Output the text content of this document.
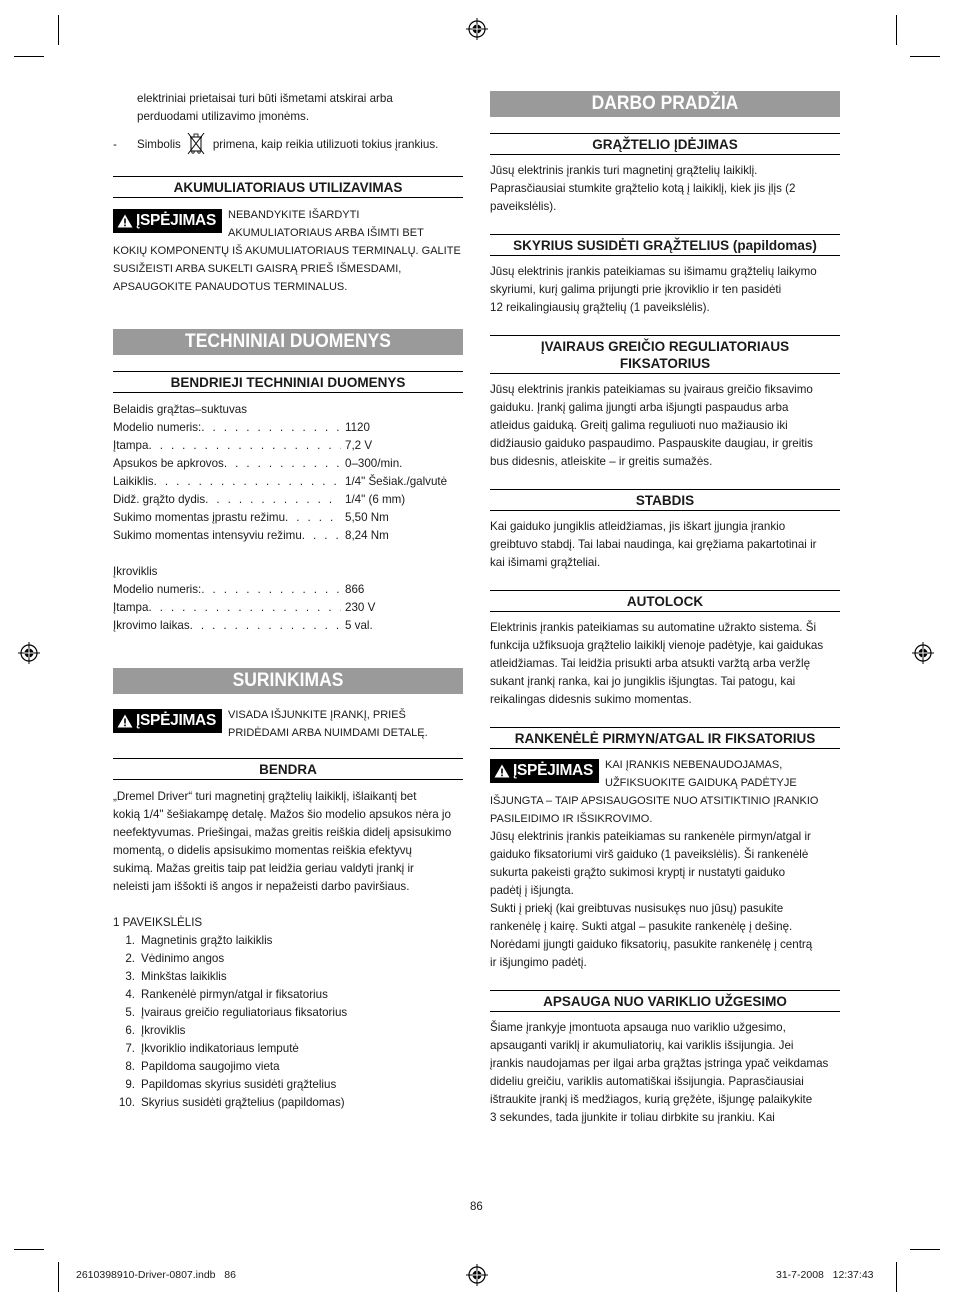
elektriniai prietaisai turi būti išmetami atskirai arba

perduodami utilizavimo įmonėms.

-	Simbolis	primena, kaip reikia utilizuoti tokius įrankius.
AKUMULIATORIAUS UTILIZAVIMAS
ĮSPĖJIMAS	NEBANDYKITE IŠARDYTI
AKUMULIATORIAUS ARBA IŠIMTI BET
KOKIŲ KOMPONENTŲ IŠ AKUMULIATORIAUS TERMINALŲ. GALITE
SUSIŽEISTI ARBA SUKELTI GAISRĄ PRIEŠ IŠMESDAMI,
APSAUGOKITE PANAUDOTUS TERMINALUS.
TECHNINIAI DUOMENYS
BENDRIEJI TECHNINIAI DUOMENYS

Belaidis grąžtas–suktuvas

Modelio numeris: . . .	1120
Įtampa . . .	7,2 V
Apsukos be apkrovos . . .	0–300/min.
Laikiklis . . .	1/4" Šešiak./galvutė
Didž. grąžto dydis . . .	1/4" (6 mm)
Sukimo momentas įprastu režimu . . .	5,50 Nm
Sukimo momentas intensyviu režimu . . .	8,24 Nm

Įkroviklis

Modelio numeris: . . .	866
Įtampa . . .	230 V
Įkrovimo laikas . . .	5 val.
SURINKIMAS
ĮSPĖJIMAS	VISADA IŠJUNKITE ĮRANKĮ, PRIEŠ
PRIDĖDAMI ARBA NUIMDAMI DETALĘ.
BENDRA

„Dremel Driver“ turi magnetinį grąžtelių laikiklį, išlaikantį bet

kokią 1/4" šešiakampę detalę. Mažos šio modelio apsukos nėra jo

neefektyvumas. Priešingai, mažas greitis reiškia didelį apsisukimo

momentą, o didelis apsisukimo momentas reiškia efektyvų

sukimą. Mažas greitis taip pat leidžia geriau valdyti įrankį ir

neleisti jam iššokti iš angos ir nepažeisti darbo paviršiaus.

1 PAVEIKSLĖLIS

1. Magnetinis grąžto laikiklis
2. Vėdinimo angos
3. Minkštas laikiklis
4. Rankenėlė pirmyn/atgal ir fiksatorius
5. Įvairaus greičio reguliatoriaus fiksatorius
6. Įkroviklis
7. Įkvoriklio indikatoriaus lemputė
8. Papildoma saugojimo vieta
9. Papildomas skyrius susidėti grąžtelius
10. Skyrius susidėti grąžtelius (papildomas)
DARBO PRADŽIA
GRĄŽTELIO ĮDĖJIMAS

Jūsų elektrinis įrankis turi magnetinį grąžtelių laikiklį.

Paprasčiausiai stumkite grąžtelio kotą į laikiklį, kiek jis įlįs (2

paveikslėlis).

SKYRIUS SUSIDĖTI GRĄŽTELIUS (papildomas)

Jūsų elektrinis įrankis pateikiamas su išimamu grąžtelių laikymo

skyriumi, kurį galima prijungti prie įkroviklio ir ten pasidėti

12 reikalingiausių grąžtelių (1 paveikslėlis).

ĮVAIRAUS GREIČIO REGULIATORIAUS
FIKSATORIUS

Jūsų elektrinis įrankis pateikiamas su įvairaus greičio fiksavimo

gaiduku. Įrankį galima įjungti arba išjungti paspaudus arba

atleidus gaiduką. Greitį galima reguliuoti nuo mažiausio iki

didžiausio gaiduko paspaudimo. Paspauskite daugiau, ir greitis

bus didesnis, atleiskite – ir greitis sumažės.

STABDIS

Kai gaiduko jungiklis atleidžiamas, jis iškart įjungia įrankio

greibtuvo stabdį. Tai labai naudinga, kai gręžiama pakartotinai ir

kai išimami grąžteliai.

AUTOLOCK

Elektrinis įrankis pateikiamas su automatine užrakto sistema. Ši

funkcija užfiksuoja grąžtelio laikiklį vienoje padėtyje, kai gaidukas

atleidžiamas. Tai leidžia prisukti arba atsukti varžtą arba veržlę

sukant įrankį ranka, kai jo jungiklis išjungtas. Tai patogu, kai

reikalingas didesnis sukimo momentas.

RANKENĖLĖ PIRMYN/ATGAL IR FIKSATORIUS
ĮSPĖJIMAS	KAI ĮRANKIS NEBENAUDOJAMAS,
UŽFIKSUOKITE GAIDUKĄ PADĖTYJE
IŠJUNGTA – TAIP APSISAUGOSITE NUO ATSITIKTINIO ĮRANKIO
PASILEIDIMO IR IŠSIKROVIMO.

Jūsų elektrinis įrankis pateikiamas su rankenėle pirmyn/atgal ir

gaiduko fiksatoriumi virš gaiduko (1 paveikslėlis). Ši rankenėlė

sukurta pakeisti grąžto sukimosi kryptį ir nustatyti gaiduko

padėtį į išjungta.

Sukti į priekį (kai greibtuvas nusisukęs nuo jūsų) pasukite

rankenėlę į kairę. Sukti atgal – pasukite rankenėlę į dešinę.

Norėdami įjungti gaiduko fiksatorių, pasukite rankenėlę į centrą

ir išjungimo padėtį.

APSAUGA NUO VARIKLIO UŽGESIMO

Šiame įrankyje įmontuota apsauga nuo variklio užgesimo,

apsauganti variklį ir akumuliatorių, kai variklis išsijungia. Jei

įrankis naudojamas per ilgai arba grąžtas įstringa ypač veikdamas

dideliu greičiu, variklis automatiškai išsijungia. Paprasčiausiai

ištraukite įrankį iš medžiagos, kurią gręžėte, išjungę palaikykite

3 sekundes, tada įjunkite ir toliau dirbkite su įrankiu. Kai

86
2610398910-Driver-0807.indb   86	31-7-2008   12:37:43
